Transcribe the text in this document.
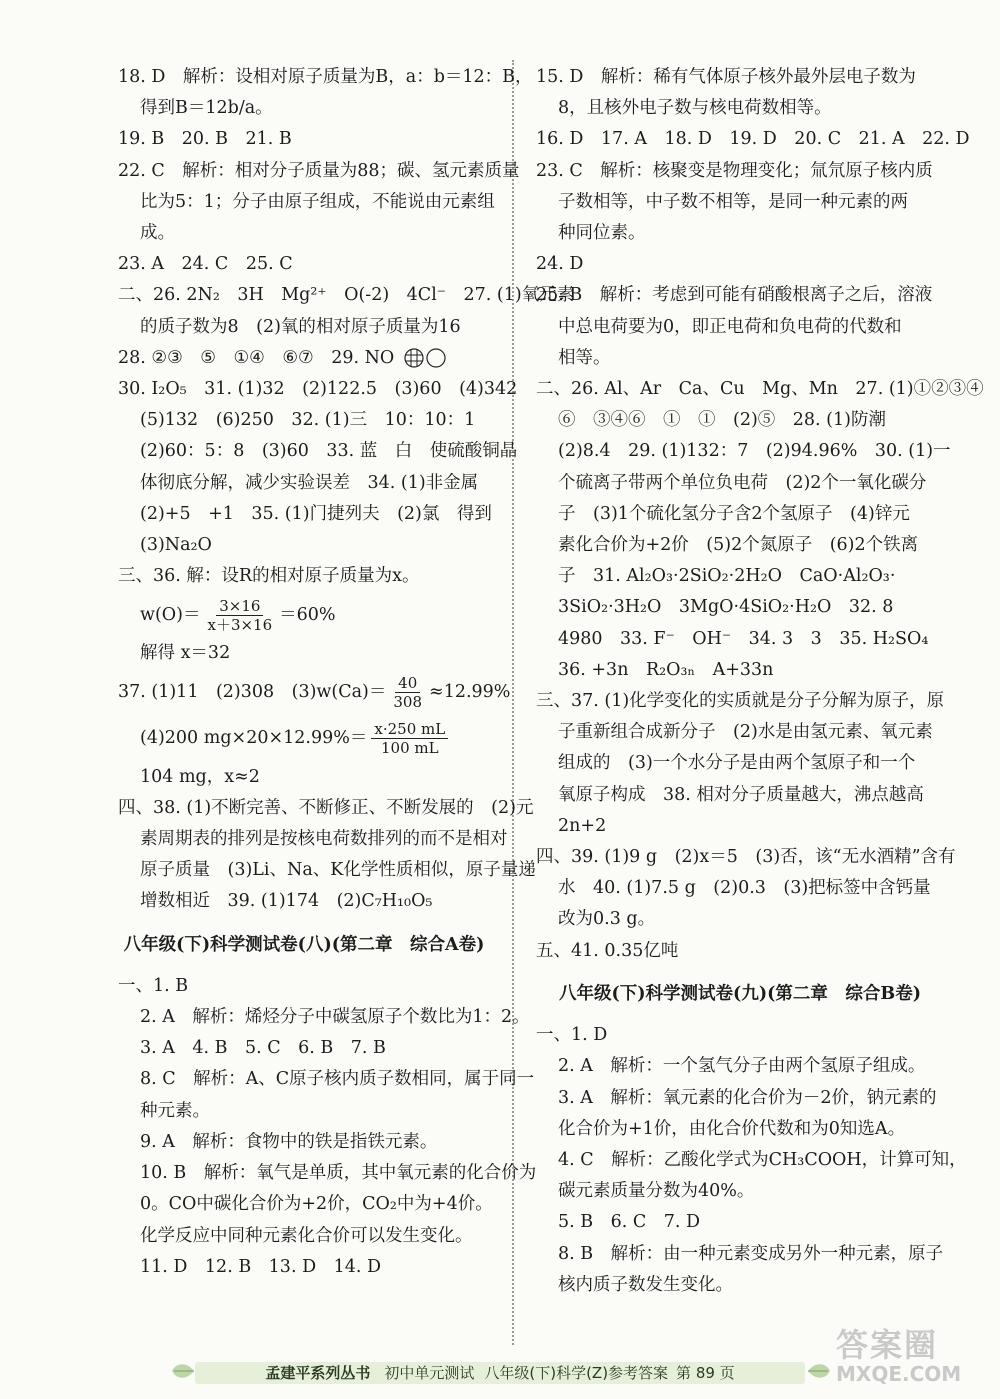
18. D　解析：设相对原子质量为B，a：b＝12：B，
得到B＝12b/a。
19. B　20. B　21. B
22. C　解析：相对分子质量为88；碳、氢元素质量
比为5：1；分子由原子组成，不能说由元素组
成。
23. A　24. C　25. C
二、26. 2N₂　3H　Mg²⁺　O(-2)　4Cl⁻　27. (1)氧元素
的质子数为8　(2)氧的相对原子质量为16
28. ②③　⑤　①④　⑥⑦　29. NO
30. I₂O₅　31. (1)32　(2)122.5　(3)60　(4)342
(5)132　(6)250　32. (1)三　10：10：1
(2)60：5：8　(3)60　33. 蓝　白　使硫酸铜晶
体彻底分解，减少实验误差　34. (1)非金属
(2)+5　+1　35. (1)门捷列夫　(2)氯　得到
(3)Na₂O
三、36. 解：设R的相对原子质量为x。
$w(O)= \frac{3\times 16}{x+3\times 16} =60\%$
解得 x＝32
37. (1)11　(2)308　$(3)w(Ca)= \frac{40}{308} \approx 12.99\%$
(4)200 $mg\times 20\times 12.99\%= \frac{x\cdot 250 mL}{100 mL}$
104 mg，x≈2
四、38. (1)不断完善、不断修正、不断发展的　(2)元
素周期表的排列是按核电荷数排列的而不是相对
原子质量　(3)Li、Na、K化学性质相似，原子量递
增数相近　39. (1)174　(2)C₇H₁₀O₅
八年级(下)科学测试卷(八)(第二章　综合A卷)
一、1. B
2. A　解析：烯烃分子中碳氢原子个数比为1：2。
3. A　4. B　5. C　6. B　7. B
8. C　解析：A、C原子核内质子数相同，属于同一
种元素。
9. A　解析：食物中的铁是指铁元素。
10. B　解析：氧气是单质，其中氧元素的化合价为
0。CO中碳化合价为+2价，CO₂中为+4价。
化学反应中同种元素化合价可以发生变化。
11. D　12. B　13. D　14. D
15. D　解析：稀有气体原子核外最外层电子数为
8，且核外电子数与核电荷数相等。
16. D　17. A　18. D　19. D　20. C　21. A　22. D
23. C　解析：核聚变是物理变化；氚氘原子核内质
子数相等，中子数不相等，是同一种元素的两
种同位素。
24. D
25. B　解析：考虑到可能有硝酸根离子之后，溶液
中总电荷要为0，即正电荷和负电荷的代数和
相等。
二、26. Al、Ar　Ca、Cu　Mg、Mn　27. (1)①②③④
⑥　③④⑥　①　①　(2)⑤　28. (1)防潮
(2)8.4　29. (1)132：7　(2)94.96%　30. (1)一
个硫离子带两个单位负电荷　(2)2个一氧化碳分
子　(3)1个硫化氢分子含2个氢原子　(4)锌元
素化合价为+2价　(5)2个氮原子　(6)2个铁离
子　31. Al₂O₃·2SiO₂·2H₂O　CaO·Al₂O₃·
3SiO₂·3H₂O　3MgO·4SiO₂·H₂O　32. 8
4980　33. F⁻　OH⁻　34. 3　3　35. H₂SO₄
36. +3n　R₂O₃ₙ　A+33n
三、37. (1)化学变化的实质就是分子分解为原子，原
子重新组合成新分子　(2)水是由氢元素、氧元素
组成的　(3)一个水分子是由两个氢原子和一个
氧原子构成　38. 相对分子质量越大，沸点越高
2n+2
四、39. (1)9 g　(2)x＝5　(3)否，该“无水酒精”含有
水　40. (1)7.5 g　(2)0.3　(3)把标签中含钙量
改为0.3 g。
五、41. 0.35亿吨
八年级(下)科学测试卷(九)(第二章　综合B卷)
一、1. D
2. A　解析：一个氢气分子由两个氢原子组成。
3. A　解析：氧元素的化合价为－2价，钠元素的
化合价为+1价，由化合价代数和为0知选A。
4. C　解析：乙酸化学式为CH₃COOH，计算可知，
碳元素质量分数为40%。
5. B　6. C　7. D
8. B　解析：由一种元素变成另外一种元素，原子
核内质子数发生变化。
孟建平系列丛书 初中单元测试 八年级(下)科学(Z)参考答案 第 89 页
答案圈
MXQE.COM
